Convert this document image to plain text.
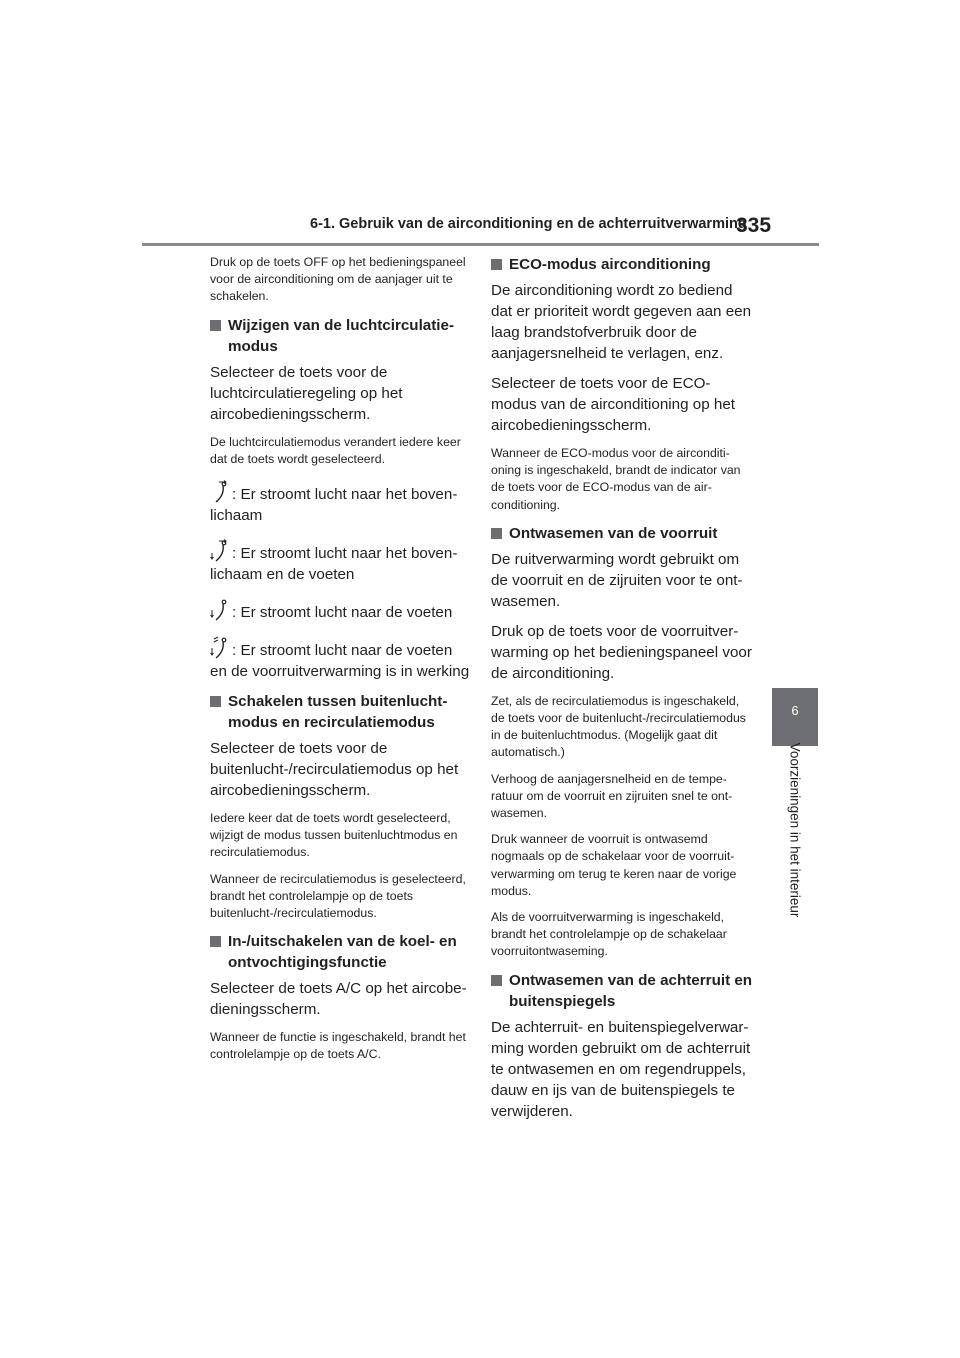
6-1. Gebruik van de airconditioning en de achterruitverwarming
335
6
Voorzieningen in het interieur

Druk op de toets OFF op het bedieningspaneel voor de airconditioning om de aanjager uit te schakelen.

Wijzigen van de luchtcirculatiemodus

Selecteer de toets voor de luchtcirculatieregeling op het aircobedieningsscherm.

De luchtcirculatiemodus verandert iedere keer dat de toets wordt geselecteerd.

: Er stroomt lucht naar het bovenlichaam

: Er stroomt lucht naar het bovenlichaam en de voeten

: Er stroomt lucht naar de voeten

: Er stroomt lucht naar de voeten en de voorruitverwarming is in werking

Schakelen tussen buitenluchtmodus en recirculatiemodus

Selecteer de toets voor de buitenlucht-/recirculatiemodus op het aircobedieningsscherm.

Iedere keer dat de toets wordt geselecteerd, wijzigt de modus tussen buitenluchtmodus en recirculatiemodus.

Wanneer de recirculatiemodus is geselecteerd, brandt het controlelampje op de toets buitenlucht-/recirculatiemodus.

In-/uitschakelen van de koel- en ontvochtigingsfunctie

Selecteer de toets A/C op het aircobedieningsscherm.

Wanneer de functie is ingeschakeld, brandt het controlelampje op de toets A/C.

ECO-modus airconditioning

De airconditioning wordt zo bediend dat er prioriteit wordt gegeven aan een laag brandstofverbruik door de aanjagersnelheid te verlagen, enz.

Selecteer de toets voor de ECO-modus van de airconditioning op het aircobedieningsscherm.

Wanneer de ECO-modus voor de airconditioning is ingeschakeld, brandt de indicator van de toets voor de ECO-modus van de airconditioning.

Ontwasemen van de voorruit

De ruitverwarming wordt gebruikt om de voorruit en de zijruiten voor te ontwasemen.

Druk op de toets voor de voorruitverwarming op het bedieningspaneel voor de airconditioning.

Zet, als de recirculatiemodus is ingeschakeld, de toets voor de buitenlucht-/recirculatiemodus in de buitenluchtmodus. (Mogelijk gaat dit automatisch.)

Verhoog de aanjagersnelheid en de temperatuur om de voorruit en zijruiten snel te ontwasemen.

Druk wanneer de voorruit is ontwasemd nogmaals op de schakelaar voor de voorruitverwarming om terug te keren naar de vorige modus.

Als de voorruitverwarming is ingeschakeld, brandt het controlelampje op de schakelaar voorruitontwaseming.

Ontwasemen van de achterruit en buitenspiegels

De achterruit- en buitenspiegelverwarming worden gebruikt om de achterruit te ontwasemen en om regendruppels, dauw en ijs van de buitenspiegels te verwijderen.
